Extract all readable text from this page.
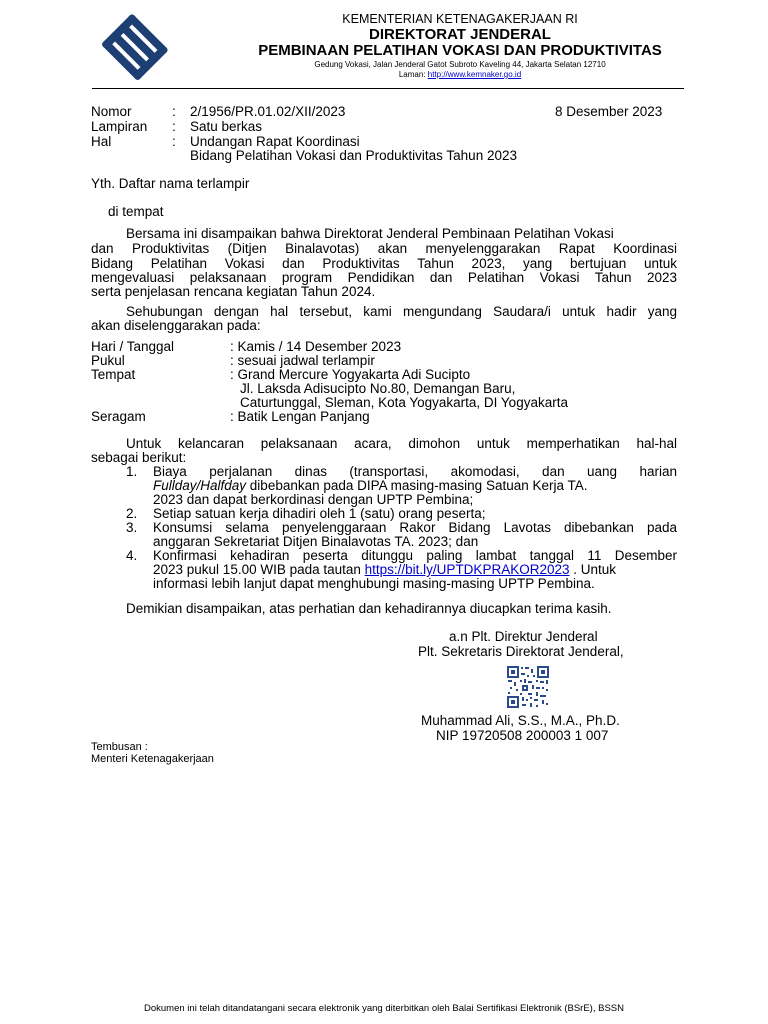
KEMENTERIAN KETENAGAKERJAAN RI
DIREKTORAT JENDERAL
PEMBINAAN PELATIHAN VOKASI DAN PRODUKTIVITAS
Gedung Vokasi, Jalan Jenderal Gatot Subroto Kaveling 44, Jakarta Selatan 12710
Laman: http://www.kemnaker.go.id
Nomor	: 2/1956/PR.01.02/XII/2023	8 Desember 2023
Lampiran : Satu berkas
Hal	: Undangan Rapat Koordinasi
Bidang Pelatihan Vokasi dan Produktivitas Tahun 2023
Yth. Daftar nama terlampir
di tempat
Bersama ini disampaikan bahwa Direktorat Jenderal Pembinaan Pelatihan Vokasi
dan Produktivitas (Ditjen Binalavotas) akan menyelenggarakan Rapat Koordinasi
Bidang Pelatihan Vokasi dan Produktivitas Tahun 2023, yang bertujuan untuk
mengevaluasi pelaksanaan program Pendidikan dan Pelatihan Vokasi Tahun 2023
serta penjelasan rencana kegiatan Tahun 2024.
Sehubungan dengan hal tersebut, kami mengundang Saudara/i untuk hadir yang
akan diselenggarakan pada:
Hari / Tanggal	: Kamis / 14 Desember 2023
Pukul	: sesuai jadwal terlampir
Tempat	: Grand Mercure Yogyakarta Adi Sucipto
Jl. Laksda Adisucipto No.80, Demangan Baru,
Caturtunggal, Sleman, Kota Yogyakarta, DI Yogyakarta
Seragam	: Batik Lengan Panjang
Untuk kelancaran pelaksanaan acara, dimohon untuk memperhatikan hal-hal
sebagai berikut:
1. Biaya perjalanan dinas (transportasi, akomodasi, dan uang harian
Fullday/Halfday dibebankan pada DIPA masing-masing Satuan Kerja TA.
2023 dan dapat berkordinasi dengan UPTP Pembina;
2. Setiap satuan kerja dihadiri oleh 1 (satu) orang peserta;
3. Konsumsi selama penyelenggaraan Rakor Bidang Lavotas dibebankan pada
anggaran Sekretariat Ditjen Binalavotas TA. 2023; dan
4. Konfirmasi kehadiran peserta ditunggu paling lambat tanggal 11 Desember
2023 pukul 15.00 WIB pada tautan https://bit.ly/UPTDKPRAKOR2023 . Untuk
informasi lebih lanjut dapat menghubungi masing-masing UPTP Pembina.
Demikian disampaikan, atas perhatian dan kehadirannya diucapkan terima kasih.
a.n Plt. Direktur Jenderal
Plt. Sekretaris Direktorat Jenderal,
Muhammad Ali, S.S., M.A., Ph.D.
NIP 19720508 200003 1 007
Tembusan :
Menteri Ketenagakerjaan
Dokumen ini telah ditandatangani secara elektronik yang diterbitkan oleh Balai Sertifikasi Elektronik (BSrE), BSSN
